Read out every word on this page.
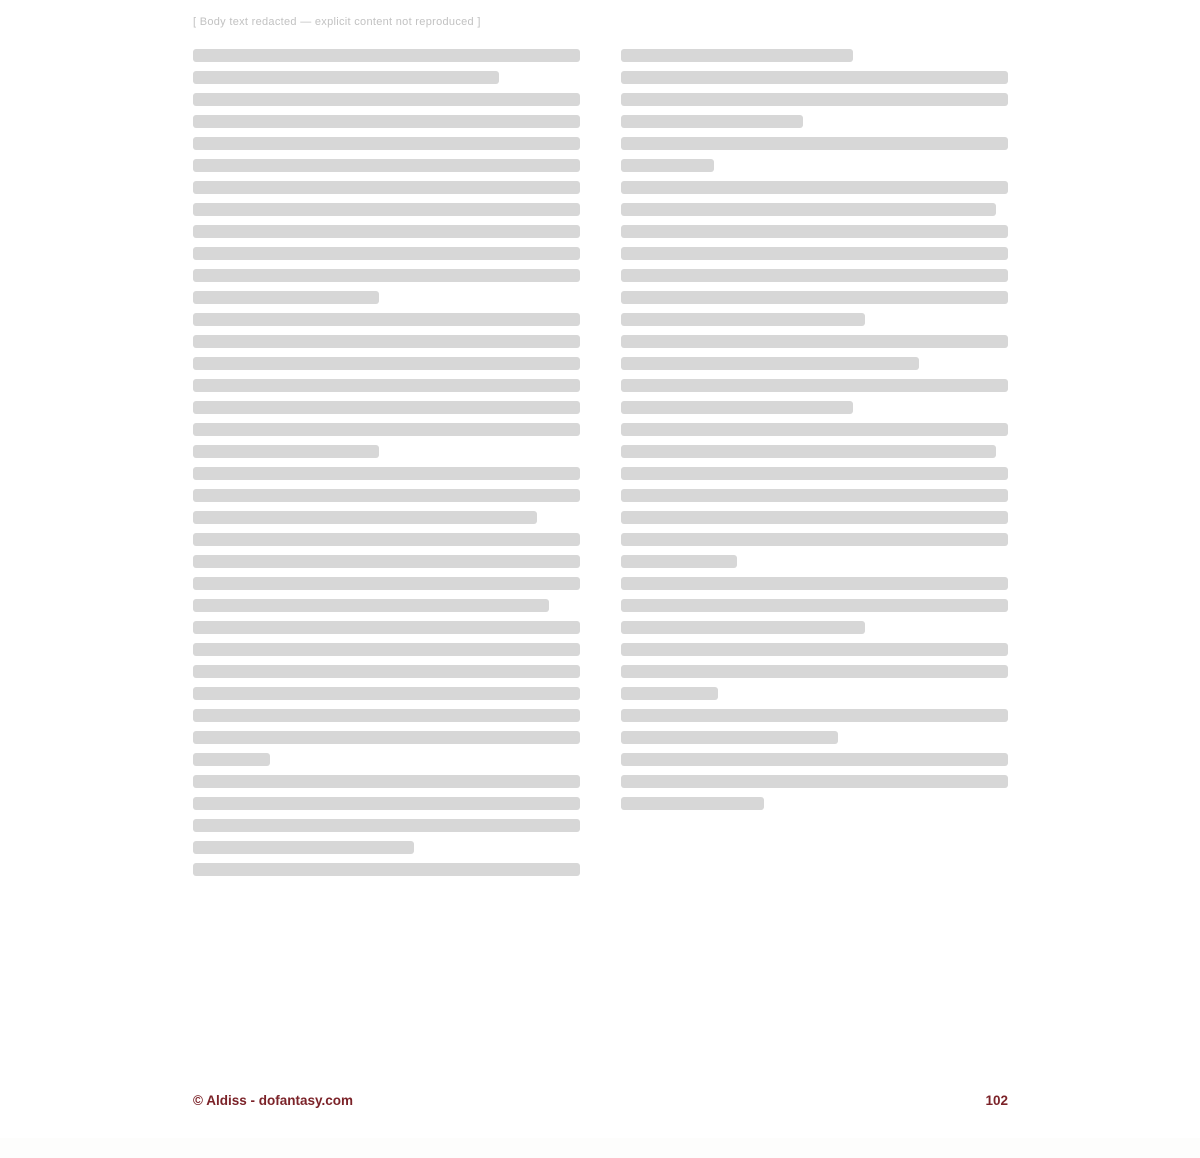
[ Body text redacted — explicit content not reproduced ]
© Aldiss - dofantasy.com	102
